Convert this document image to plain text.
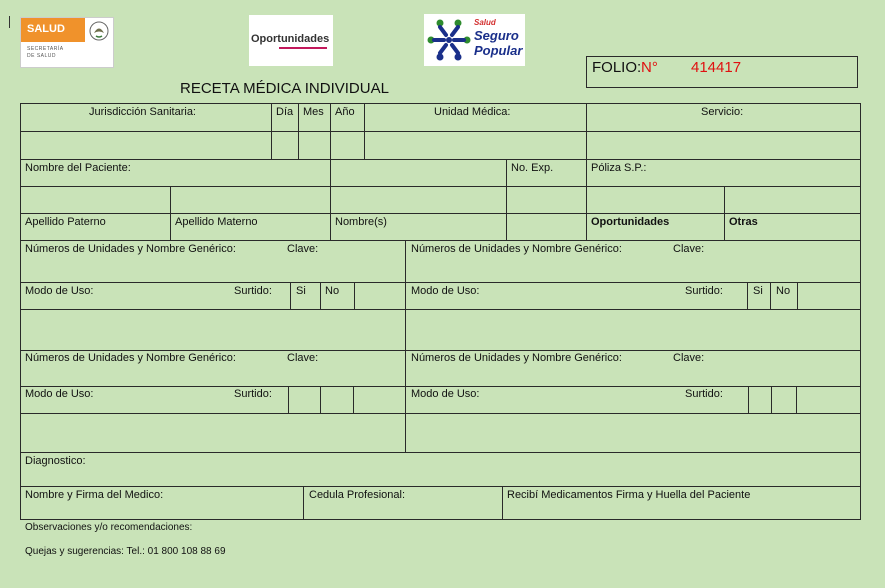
SALUD
SECRETARÍA
DE SALUD
Oportunidades
Salud
Seguro
Popular
RECETA MÉDICA INDIVIDUAL
FOLIO: N° 414417
Jurisdicción Sanitaria:	Día Mes Año	Unidad Médica:	Servicio:
Nombre del Paciente:	No. Exp.	Póliza S.P.:
Apellido Paterno	Apellido Materno	Nombre(s)	Oportunidades	Otras
Números de Unidades y Nombre Genérico:	Clave:	Números de Unidades y Nombre Genérico:	Clave:
Modo de Uso:	Surtido: Si No	Modo de Uso:	Surtido:	Si No
Números de Unidades y Nombre Genérico:	Clave:	Números de Unidades y Nombre Genérico:	Clave:
Modo de Uso:	Surtido:	Modo de Uso:	Surtido:
Diagnostico:
Nombre y Firma del Medico:	Cedula Profesional:	Recibí Medicamentos Firma y Huella del Paciente
Observaciones y/o recomendaciones:
Quejas y sugerencias: Tel.: 01 800 108 88 69
